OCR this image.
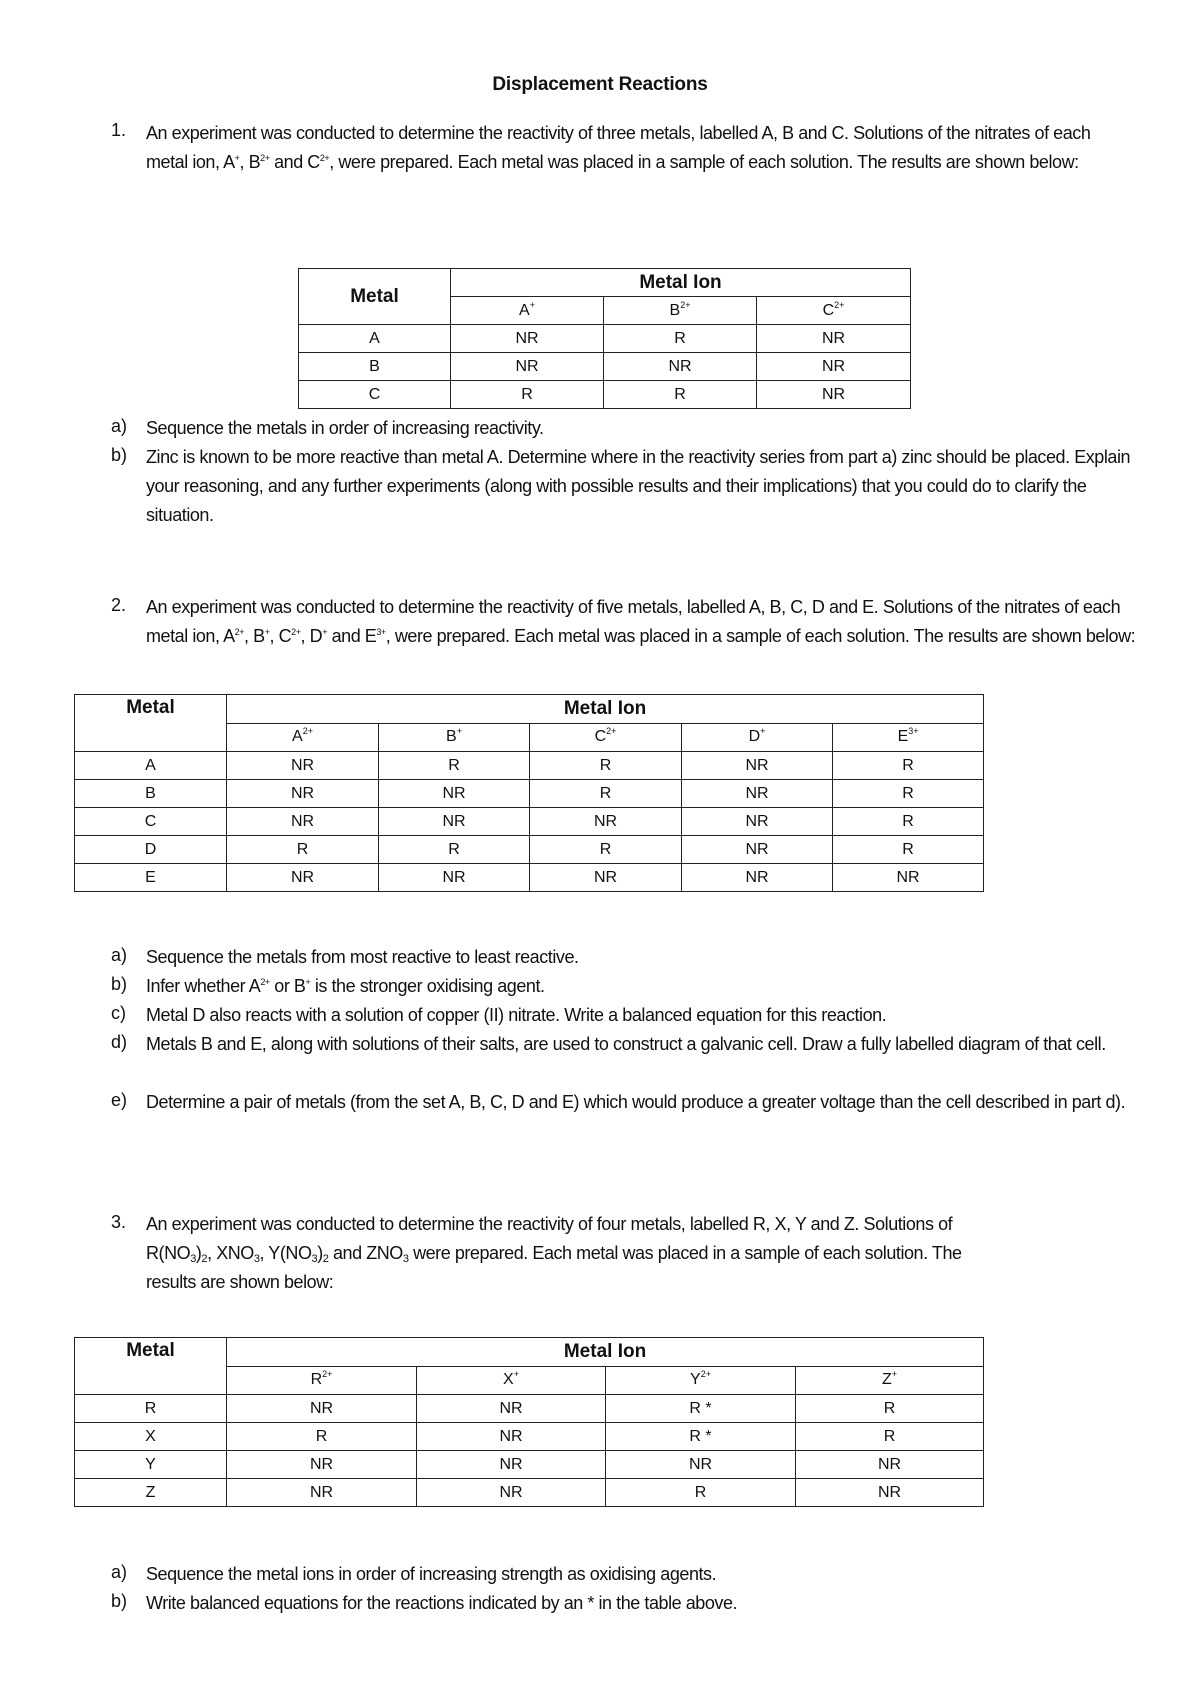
Displacement Reactions
1. An experiment was conducted to determine the reactivity of three metals, labelled A, B and C. Solutions of the nitrates of each metal ion, A+, $B^{2+}$ and $C^{2+}$, were prepared. Each metal was placed in a sample of each solution. The results are shown below:
Metal	Metal Ion		
	A+	$B^{2+}$	$C^{2+}$
A	NR	R	NR
B	NR	NR	NR
C	R	R	NR
a) Sequence the metals in order of increasing reactivity.
b) Zinc is known to be more reactive than metal A. Determine where in the reactivity series from part a) zinc should be placed. Explain your reasoning, and any further experiments (along with possible results and their implications) that you could do to clarify the situation.
2. An experiment was conducted to determine the reactivity of five metals, labelled A, B, C, D and E. Solutions of the nitrates of each metal ion, $A^{2+}$, B+, $C^{2+}$, D+ and $E^{3+}$, were prepared. Each metal was placed in a sample of each solution. The results are shown below:
Metal	Metal Ion				
	$A^{2+}$	B+	$C^{2+}$	D+	$E^{3+}$
A	NR	R	R	NR	R
B	NR	NR	R	NR	R
C	NR	NR	NR	NR	R
D	R	R	R	NR	R
E	NR	NR	NR	NR	NR
a) Sequence the metals from most reactive to least reactive.
b) Infer whether $A^{2+}$ or B+ is the stronger oxidising agent.
c) Metal D also reacts with a solution of copper (II) nitrate. Write a balanced equation for this reaction.
d) Metals B and E, along with solutions of their salts, are used to construct a galvanic cell. Draw a fully labelled diagram of that cell.
e) Determine a pair of metals (from the set A, B, C, D and E) which would produce a greater voltage than the cell described in part d).
3. An experiment was conducted to determine the reactivity of four metals, labelled R, X, Y and Z. Solutions of
$R(NO_3)_2$, $XNO_3$, $Y(NO_3)_2$ and $ZNO_3$ were prepared. Each metal was placed in a sample of each solution. The
results are shown below:
Metal	Metal Ion			
	$R^{2+}$	X+	$Y^{2+}$	Z+
R	NR	NR	R *	R
X	R	NR	R *	R
Y	NR	NR	NR	NR
Z	NR	NR	R	NR
a) Sequence the metal ions in order of increasing strength as oxidising agents.
b) Write balanced equations for the reactions indicated by an * in the table above.
